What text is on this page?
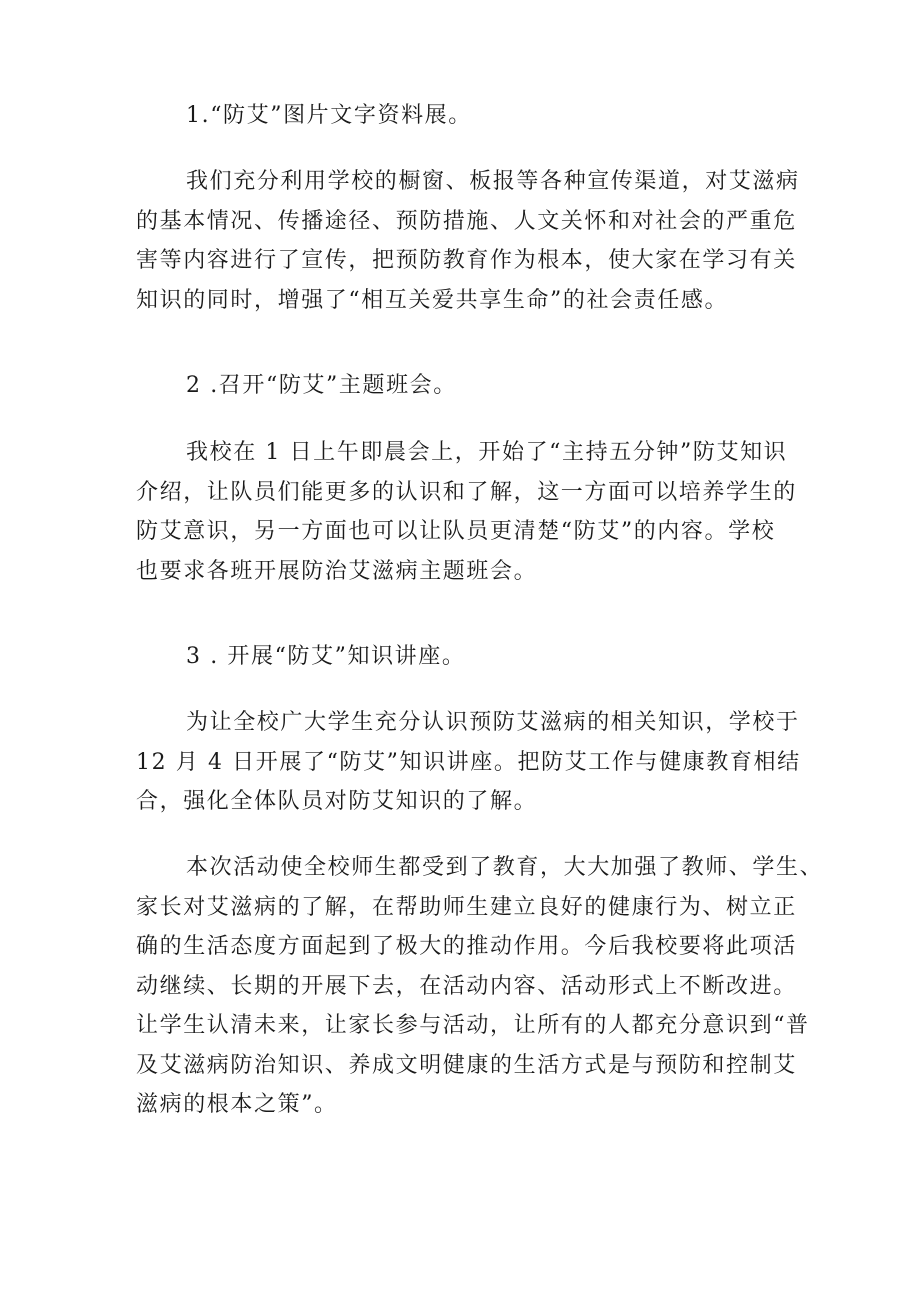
1.“防艾”图片文字资料展。

我们充分利用学校的橱窗、板报等各种宣传渠道，对艾滋病
的基本情况、传播途径、预防措施、人文关怀和对社会的严重危
害等内容进行了宣传，把预防教育作为根本，使大家在学习有关
知识的同时，增强了“相互关爱共享生命”的社会责任感。

2 .召开“防艾”主题班会。

我校在 1 日上午即晨会上，开始了“主持五分钟”防艾知识
介绍，让队员们能更多的认识和了解，这一方面可以培养学生的
防艾意识，另一方面也可以让队员更清楚“防艾”的内容。学校
也要求各班开展防治艾滋病主题班会。

3 . 开展“防艾”知识讲座。

为让全校广大学生充分认识预防艾滋病的相关知识，学校于
12 月 4 日开展了“防艾”知识讲座。把防艾工作与健康教育相结
合，强化全体队员对防艾知识的了解。

本次活动使全校师生都受到了教育，大大加强了教师、学生、
家长对艾滋病的了解，在帮助师生建立良好的健康行为、树立正
确的生活态度方面起到了极大的推动作用。今后我校要将此项活
动继续、长期的开展下去，在活动内容、活动形式上不断改进。
让学生认清未来，让家长参与活动，让所有的人都充分意识到“普
及艾滋病防治知识、养成文明健康的生活方式是与预防和控制艾
滋病的根本之策”。
